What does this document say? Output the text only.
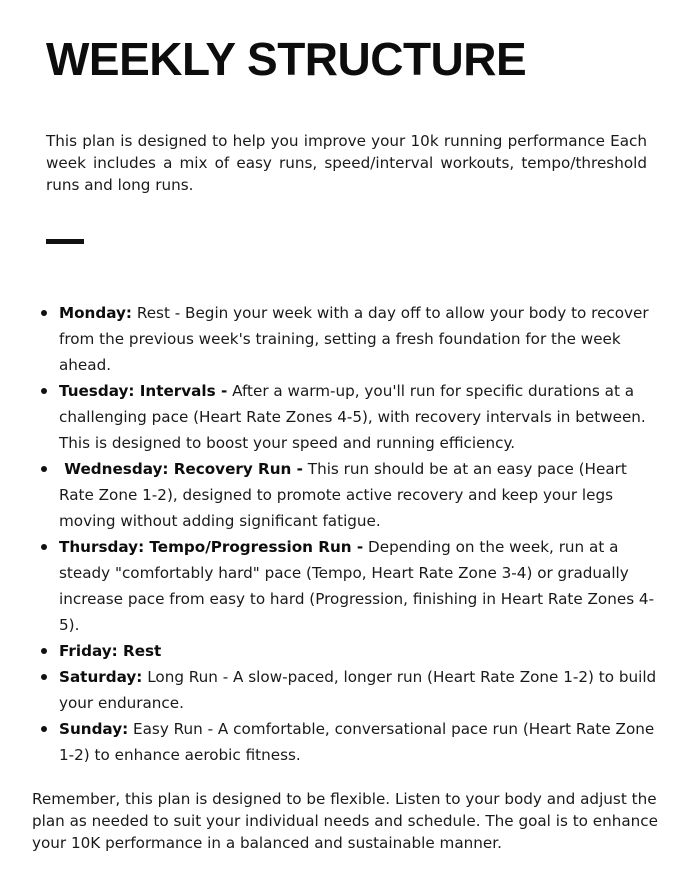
WEEKLY STRUCTURE

This plan is designed to help you improve your 10k running performance Each week includes a mix of easy runs, speed/interval workouts, tempo/threshold runs and long runs.

Monday: Rest - Begin your week with a day off to allow your body to recover from the previous week's training, setting a fresh foundation for the week ahead.
Tuesday: Intervals - After a warm-up, you'll run for specific durations at a challenging pace (Heart Rate Zones 4-5), with recovery intervals in between. This is designed to boost your speed and running efficiency.
Wednesday: Recovery Run - This run should be at an easy pace (Heart Rate Zone 1-2), designed to promote active recovery and keep your legs moving without adding significant fatigue.
Thursday: Tempo/Progression Run - Depending on the week, run at a steady "comfortably hard" pace (Tempo, Heart Rate Zone 3-4) or gradually increase pace from easy to hard (Progression, finishing in Heart Rate Zones 4-5).
Friday: Rest
Saturday: Long Run - A slow-paced, longer run (Heart Rate Zone 1-2) to build your endurance.
Sunday: Easy Run - A comfortable, conversational pace run (Heart Rate Zone 1-2) to enhance aerobic fitness.

Remember, this plan is designed to be flexible. Listen to your body and adjust the plan as needed to suit your individual needs and schedule. The goal is to enhance your 10K performance in a balanced and sustainable manner.
